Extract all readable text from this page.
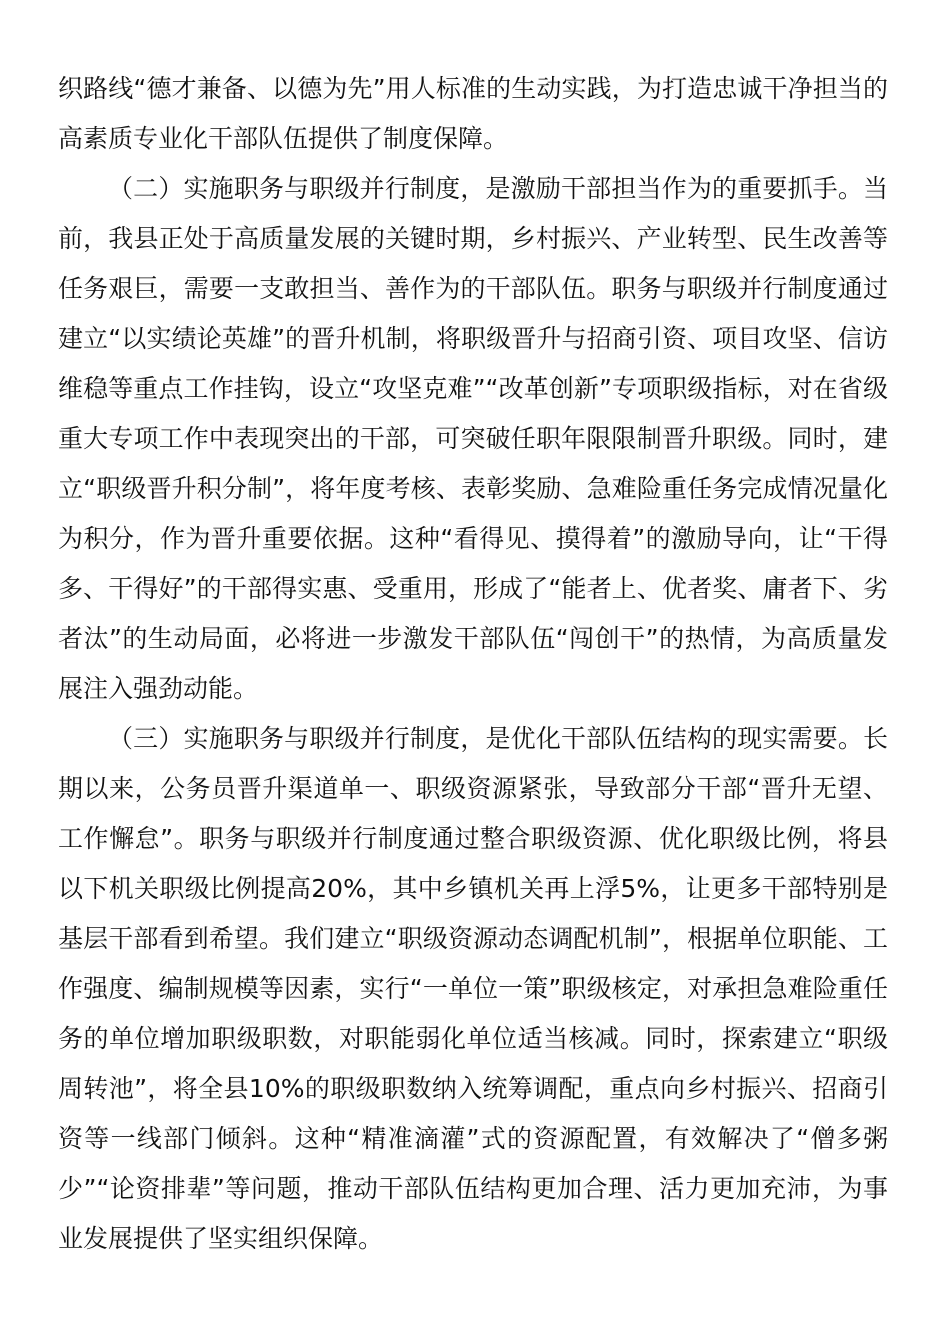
织路线“德才兼备、以德为先”用人标准的生动实践，为打造忠诚干净担当的高素质专业化干部队伍提供了制度保障。

（二）实施职务与职级并行制度，是激励干部担当作为的重要抓手。当前，我县正处于高质量发展的关键时期，乡村振兴、产业转型、民生改善等任务艰巨，需要一支敢担当、善作为的干部队伍。职务与职级并行制度通过建立“以实绩论英雄”的晋升机制，将职级晋升与招商引资、项目攻坚、信访维稳等重点工作挂钩，设立“攻坚克难”“改革创新”专项职级指标，对在省级重大专项工作中表现突出的干部，可突破任职年限限制晋升职级。同时，建立“职级晋升积分制”，将年度考核、表彰奖励、急难险重任务完成情况量化为积分，作为晋升重要依据。这种“看得见、摸得着”的激励导向，让“干得多、干得好”的干部得实惠、受重用，形成了“能者上、优者奖、庸者下、劣者汰”的生动局面，必将进一步激发干部队伍“闯创干”的热情，为高质量发展注入强劲动能。

（三）实施职务与职级并行制度，是优化干部队伍结构的现实需要。长期以来，公务员晋升渠道单一、职级资源紧张，导致部分干部“晋升无望、工作懈怠”。职务与职级并行制度通过整合职级资源、优化职级比例，将县以下机关职级比例提高20%，其中乡镇机关再上浮5%，让更多干部特别是基层干部看到希望。我们建立“职级资源动态调配机制”，根据单位职能、工作强度、编制规模等因素，实行“一单位一策”职级核定，对承担急难险重任务的单位增加职级职数，对职能弱化单位适当核减。同时，探索建立“职级周转池”，将全县10%的职级职数纳入统筹调配，重点向乡村振兴、招商引资等一线部门倾斜。这种“精准滴灌”式的资源配置，有效解决了“僧多粥少”“论资排辈”等问题，推动干部队伍结构更加合理、活力更加充沛，为事业发展提供了坚实组织保障。
